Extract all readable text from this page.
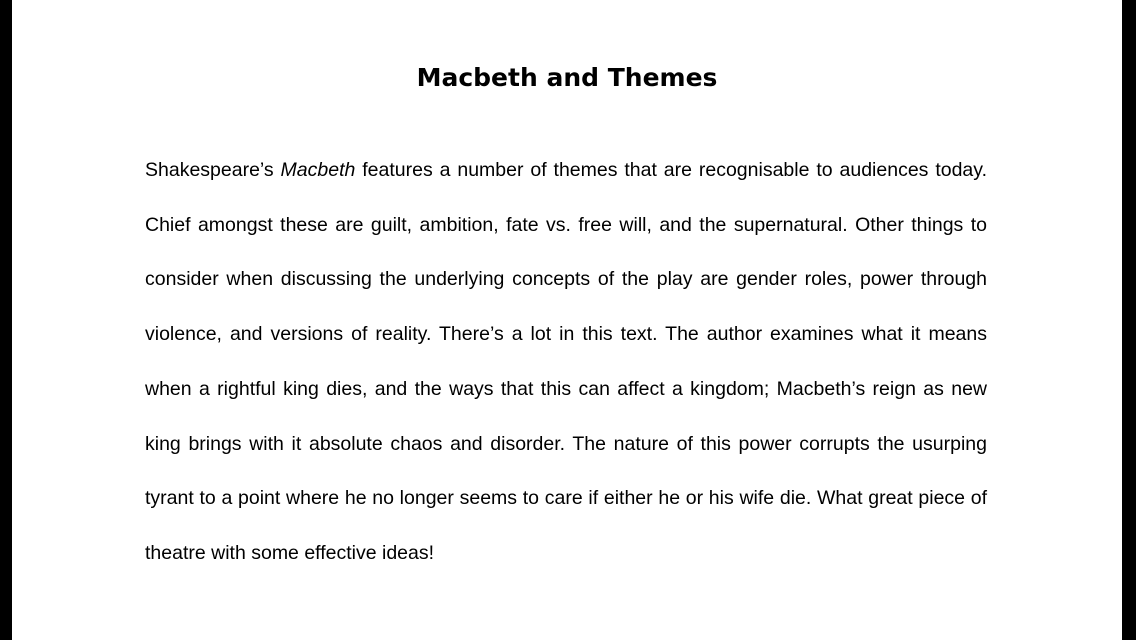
Macbeth and Themes

Shakespeare’s Macbeth features a number of themes that are recognisable to audiences today. Chief amongst these are guilt, ambition, fate vs. free will, and the supernatural. Other things to consider when discussing the underlying concepts of the play are gender roles, power through violence, and versions of reality. There’s a lot in this text. The author examines what it means when a rightful king dies, and the ways that this can affect a kingdom; Macbeth’s reign as new king brings with it absolute chaos and disorder. The nature of this power corrupts the usurping tyrant to a point where he no longer seems to care if either he or his wife die. What great piece of theatre with some effective ideas!
